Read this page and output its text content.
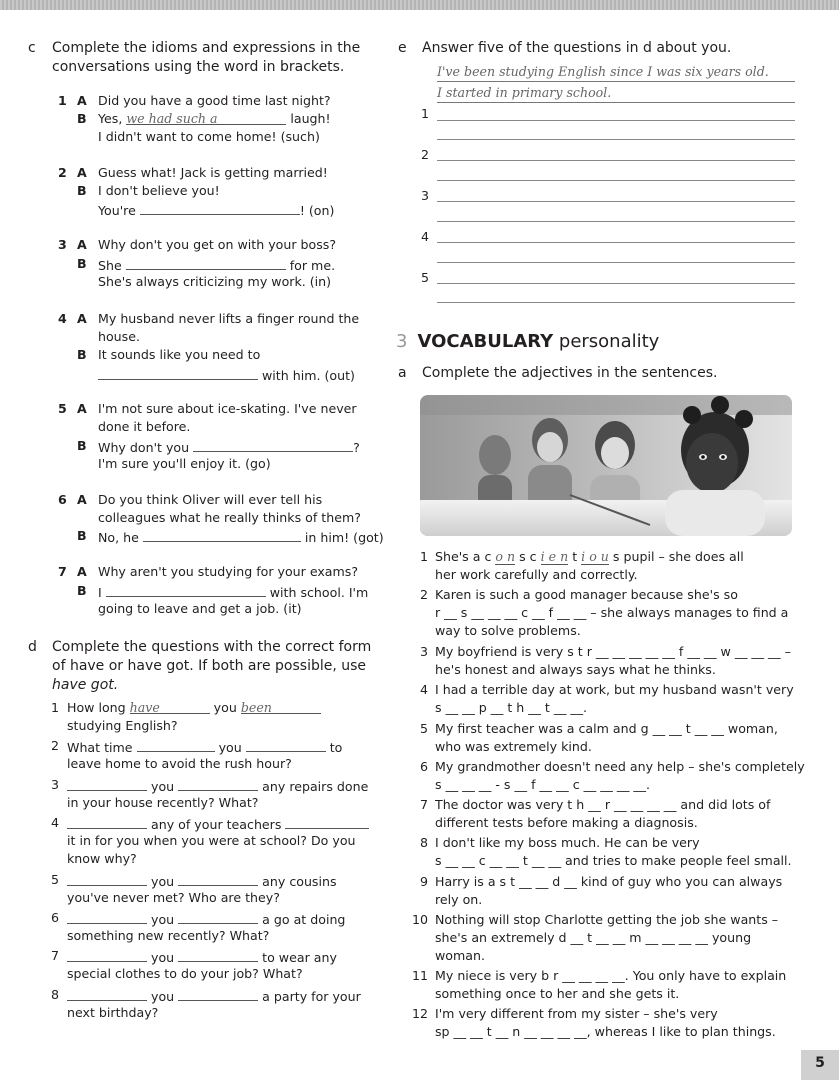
c Complete the idioms and expressions in the
conversations using the word in brackets.
1 A Did you have a good time last night?
B Yes, we had such a	laugh!
I didn't want to come home! (such)
2 A Guess what! Jack is getting married!
B I don't believe you!
You're	! (on)
3 A Why don't you get on with your boss?
B She	for me.
She's always criticizing my work. (in)
4 A My husband never lifts a finger round the
house.
B It sounds like you need to
with him. (out)
5 A I'm not sure about ice-skating. I've never
done it before.
B Why don't you	?
I'm sure you'll enjoy it. (go)
6 A Do you think Oliver will ever tell his
colleagues what he really thinks of them?
B No, he	in him! (got)
7 A Why aren't you studying for your exams?
B I	with school. I'm
going to leave and get a job. (it)
d Complete the questions with the correct form
of have or have got. If both are possible, use
have got.
1 How long have	you been
studying English?
2 What time	you	to
leave home to avoid the rush hour?
3	you	any repairs done
in your house recently? What?
4	any of your teachers
it in for you when you were at school? Do you
know why?
5	you	any cousins
you've never met? Who are they?
6	you	a go at doing
something new recently? What?
7	you	to wear any
special clothes to do your job? What?
8	you	a party for your
next birthday?
e Answer five of the questions in d about you.
I've been studying English since I was six years old.
I started in primary school.
1
2
3
4
5
3 VOCABULARY personality
a Complete the adjectives in the sentences.
1 She's a c o n s c i e n t i o u s pupil – she does all
her work carefully and correctly.
2 Karen is such a good manager because she's so
r __ s __ __ __ c __ f __ __ – she always manages to find a
way to solve problems.
3 My boyfriend is very s t r __ __ __ __ __ f __ __ w __ __ __ –
he's honest and always says what he thinks.
4 I had a terrible day at work, but my husband wasn't very
s __ __ p __ t h __ t __ __.
5 My first teacher was a calm and g __ __ t __ __ woman,
who was extremely kind.
6 My grandmother doesn't need any help – she's completely
s __ __ __ - s __ f __ __ c __ __ __ __.
7 The doctor was very t h __ r __ __ __ __ and did lots of
different tests before making a diagnosis.
8 I don't like my boss much. He can be very
s __ __ c __ __ t __ __ and tries to make people feel small.
9 Harry is a s t __ __ d __ kind of guy who you can always
rely on.
10 Nothing will stop Charlotte getting the job she wants –
she's an extremely d __ t __ __ m __ __ __ __ young
woman.
11 My niece is very b r __ __ __ __. You only have to explain
something once to her and she gets it.
12 I'm very different from my sister – she's very
sp __ __ t __ n __ __ __ __, whereas I like to plan things.
5
